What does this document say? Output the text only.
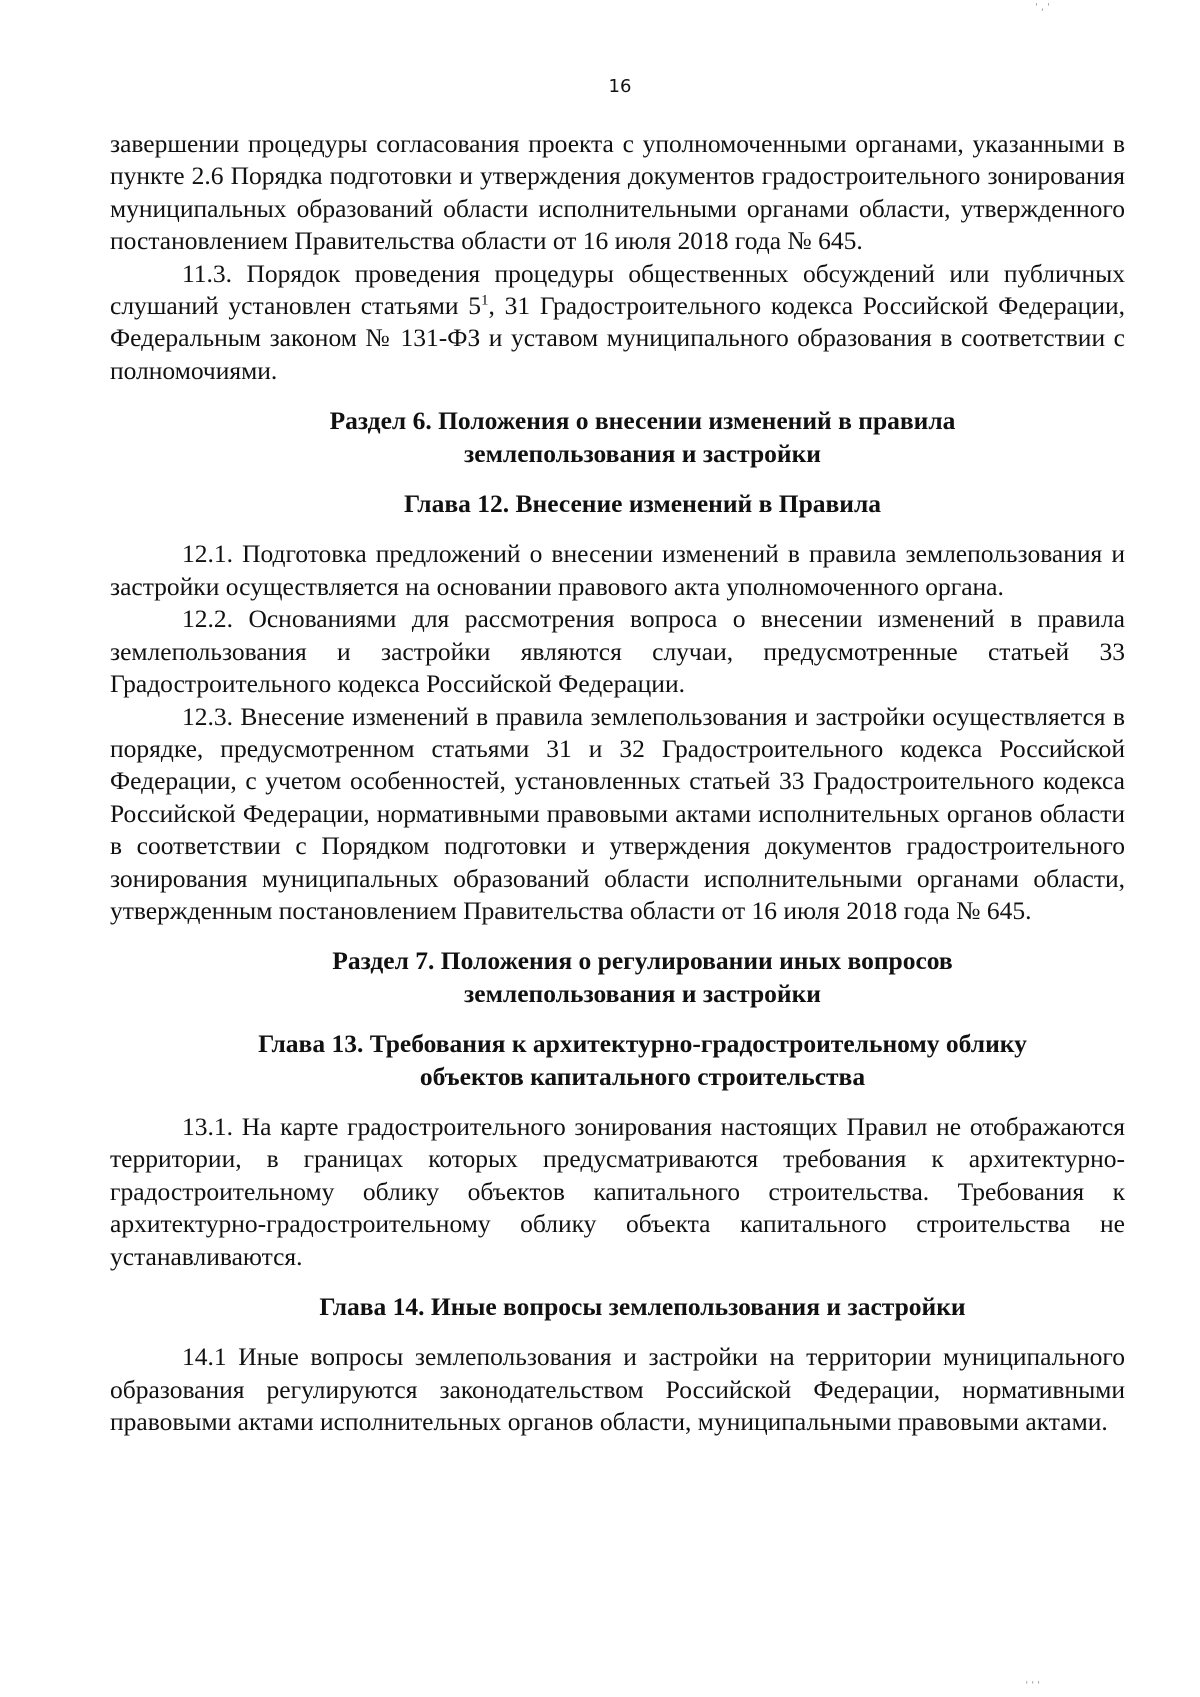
' , '
16

завершении процедуры согласования проекта с уполномоченными органами, указанными в пункте 2.6 Порядка подготовки и утверждения документов градостроительного зонирования муниципальных образований области исполнительными органами области, утвержденного постановлением Правительства области от 16 июля 2018 года № 645.

11.3. Порядок проведения процедуры общественных обсуждений или публичных слушаний установлен статьями $5^1$, 31 Градостроительного кодекса Российской Федерации, Федеральным законом № 131-ФЗ и уставом муниципального образования в соответствии с полномочиями.

Раздел 6. Положения о внесении изменений в правила

землепользования и застройки

Глава 12. Внесение изменений в Правила

12.1. Подготовка предложений о внесении изменений в правила землепользования и застройки осуществляется на основании правового акта уполномоченного органа.

12.2. Основаниями для рассмотрения вопроса о внесении изменений в правила землепользования и застройки являются случаи, предусмотренные статьей 33 Градостроительного кодекса Российской Федерации.

12.3. Внесение изменений в правила землепользования и застройки осуществляется в порядке, предусмотренном статьями 31 и 32 Градостроительного кодекса Российской Федерации, с учетом особенностей, установленных статьей 33 Градостроительного кодекса Российской Федерации, нормативными правовыми актами исполнительных органов области в соответствии с Порядком подготовки и утверждения документов градостроительного зонирования муниципальных образований области исполнительными органами области, утвержденным постановлением Правительства области от 16 июля 2018 года № 645.

Раздел 7. Положения о регулировании иных вопросов

землепользования и застройки

Глава 13. Требования к архитектурно-градостроительному облику

объектов капитального строительства

13.1. На карте градостроительного зонирования настоящих Правил не отображаются территории, в границах которых предусматриваются требования к архитектурно-градостроительному облику объектов капитального строительства. Требования к архитектурно-градостроительному облику объекта капитального строительства не устанавливаются.

Глава 14. Иные вопросы землепользования и застройки

14.1 Иные вопросы землепользования и застройки на территории муниципального образования регулируются законодательством Российской Федерации, нормативными правовыми актами исполнительных органов области, муниципальными правовыми актами.

' ' '
